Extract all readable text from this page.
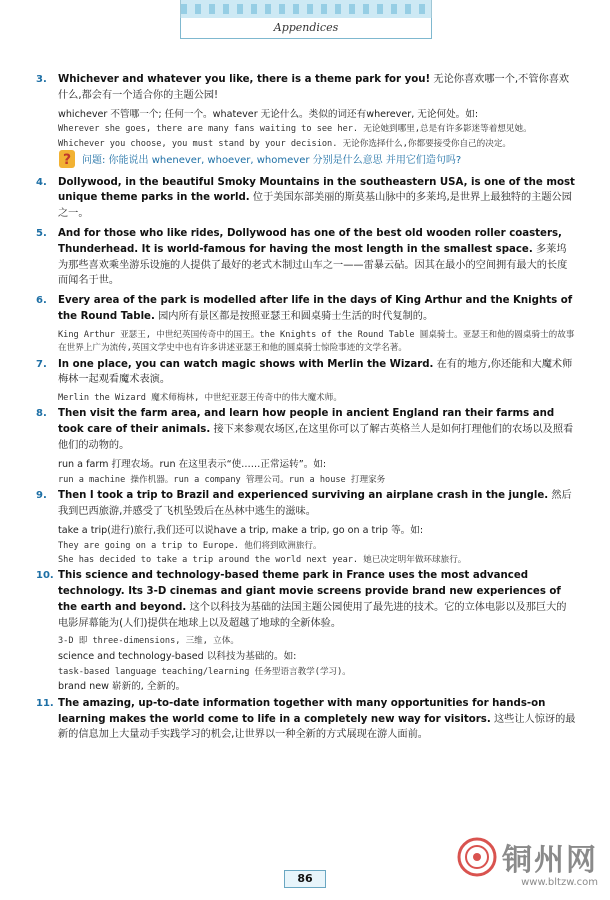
Appendices
3. Whichever and whatever you like, there is a theme park for you! 无论你喜欢哪一个,不管你喜欢什么,都会有一个适合你的主题公园!
whichever 不管哪一个; 任何一个。whatever 无论什么。类似的词还有wherever, 无论何处。如:
Wherever she goes, there are many fans waiting to see her. 无论她到哪里,总是有许多影迷等着想见她。
Whichever you choose, you must stand by your decision. 无论你选择什么,你都要接受你自己的决定。
? 问题: 你能说出 whenever, whoever, whomever 分别是什么意思 并用它们造句吗?
4. Dollywood, in the beautiful Smoky Mountains in the southeastern USA, is one of the most unique theme parks in the world. 位于美国东部美丽的斯莫基山脉中的多莱坞,是世界上最独特的主题公园之一。
5. And for those who like rides, Dollywood has one of the best old wooden roller coasters, Thunderhead. It is world-famous for having the most length in the smallest space. 多莱坞为那些喜欢乘坐游乐设施的人提供了最好的老式木制过山车之一——雷暴云砧。因其在最小的空间拥有最大的长度而闻名于世。
6. Every area of the park is modelled after life in the days of King Arthur and the Knights of the Round Table. 园内所有景区都是按照亚瑟王和圆桌骑士生活的时代复制的。
King Arthur 亚瑟王, 中世纪英国传奇中的国王。the Knights of the Round Table 圆桌骑士。亚瑟王和他的圆桌骑士的故事在世界上广为流传,英国文学史中也有许多讲述亚瑟王和他的圆桌骑士惊险事迹的文学名著。
7. In one place, you can watch magic shows with Merlin the Wizard. 在有的地方,你还能和大魔术师梅林一起观看魔术表演。
Merlin the Wizard 魔术师梅林, 中世纪亚瑟王传奇中的伟大魔术师。
8. Then visit the farm area, and learn how people in ancient England ran their farms and took care of their animals. 接下来参观农场区,在这里你可以了解古英格兰人是如何打理他们的农场以及照看他们的动物的。
run a farm 打理农场。run 在这里表示“使……正常运转”。如:
run a machine 操作机器。run a company 管理公司。run a house 打理家务
9. Then I took a trip to Brazil and experienced surviving an airplane crash in the jungle. 然后我到巴西旅游,并感受了飞机坠毁后在丛林中逃生的滋味。
take a trip(进行)旅行,我们还可以说have a trip, make a trip, go on a trip 等。如:
They are going on a trip to Europe. 他们将到欧洲旅行。
She has decided to take a trip around the world next year. 她已决定明年做环球旅行。
10. This science and technology-based theme park in France uses the most advanced technology. Its 3-D cinemas and giant movie screens provide brand new experiences of the earth and beyond. 这个以科技为基础的法国主题公园使用了最先进的技术。它的立体电影以及那巨大的电影屏幕能为(人们)提供在地球上以及超越了地球的全新体验。
3-D 即 three-dimensions, 三维, 立体。
science and technology-based 以科技为基础的。如:
task-based language teaching/learning 任务型语言教学(学习)。
brand new 崭新的, 全新的。
11. The amazing, up-to-date information together with many opportunities for hands-on learning makes the world come to life in a completely new way for visitors. 这些让人惊讶的最新的信息加上大量动手实践学习的机会,让世界以一种全新的方式展现在游人面前。
86
铜州网
www.bltzw.com
